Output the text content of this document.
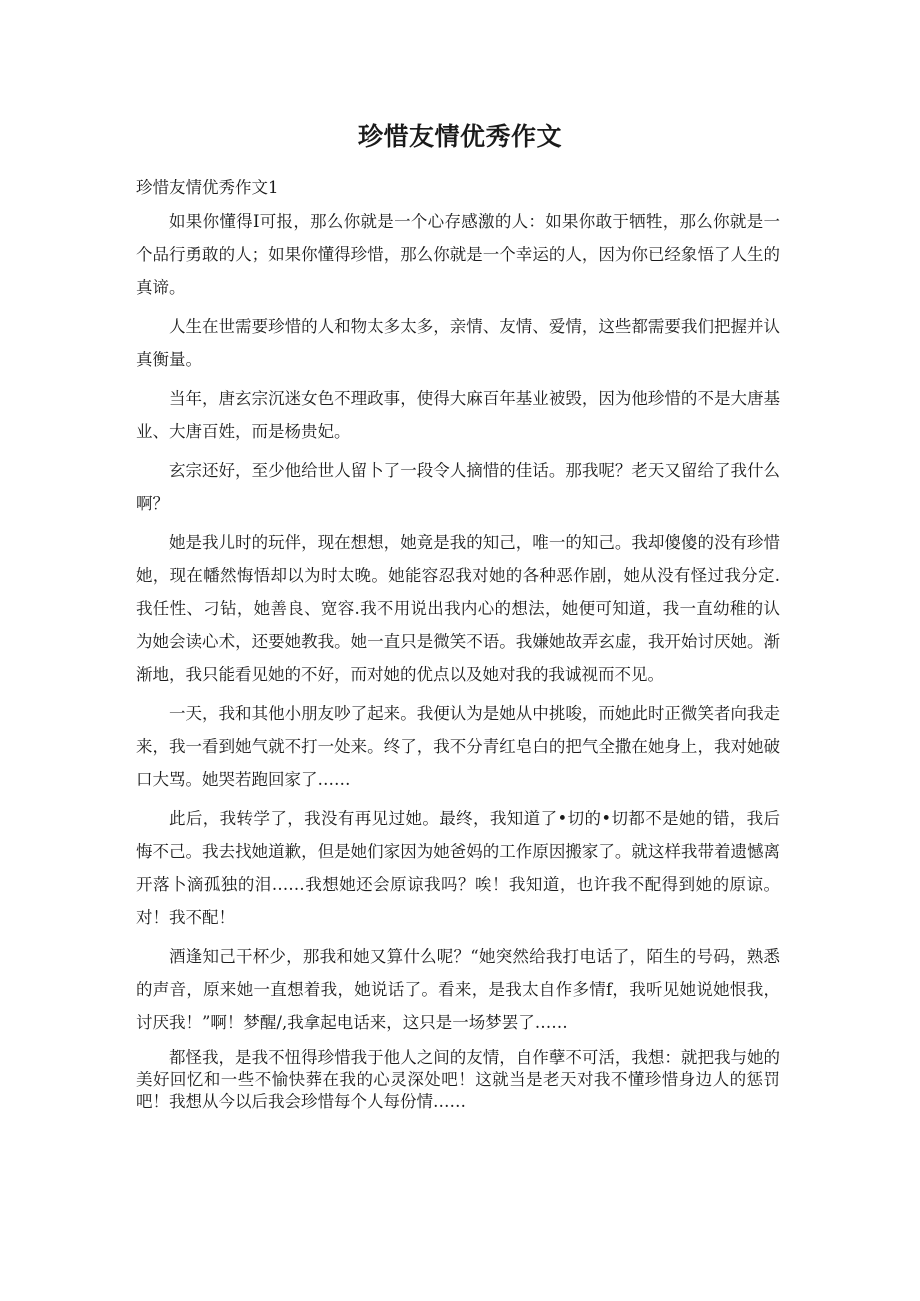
珍惜友情优秀作文

珍惜友情优秀作文1

如果你懂得I可报，那么你就是一个心存感激的人：如果你敢于牺牲，那么你就是一个品行勇敢的人；如果你懂得珍惜，那么你就是一个幸运的人，因为你已经象悟了人生的真谛。

人生在世需要珍惜的人和物太多太多，亲情、友情、爱情，这些都需要我们把握并认真衡量。

当年，唐玄宗沉迷女色不理政事，使得大麻百年基业被毁，因为他珍惜的不是大唐基业、大唐百姓，而是杨贵妃。

玄宗还好，至少他给世人留卜了一段令人摘惜的佳话。那我呢？老天又留给了我什么啊？

她是我儿时的玩伴，现在想想，她竟是我的知己，唯一的知己。我却傻傻的没有珍惜她，现在幡然悔悟却以为时太晚。她能容忍我对她的各种恶作剧，她从没有怪过我分定.我任性、刁钻，她善良、宽容.我不用说出我内心的想法，她便可知道，我一直幼稚的认为她会读心术，还要她教我。她一直只是微笑不语。我嫌她故弄玄虚，我开始讨厌她。渐渐地，我只能看见她的不好，而对她的优点以及她对我的我诚视而不见。

一天，我和其他小朋友吵了起来。我便认为是她从中挑唆，而她此时正微笑者向我走来，我一看到她气就不打一处来。终了，我不分青红皂白的把气全撒在她身上，我对她破口大骂。她哭若跑回家了……

此后，我转学了，我没有再见过她。最终，我知道了•切的•切都不是她的错，我后悔不己。我去找她道歉，但是她们家因为她爸妈的工作原因搬家了。就这样我带着遗憾离开落卜滴孤独的泪……我想她还会原谅我吗？唉！我知道，也许我不配得到她的原谅。对！我不配！

酒逢知己干杯少，那我和她又算什么呢？“她突然给我打电话了，陌生的号码，熟悉的声音，原来她一直想着我，她说话了。看来，是我太自作多情f，我听见她说她恨我，讨厌我！”啊！梦醒/,我拿起电话来，这只是一场梦罢了……

都怪我，是我不忸得珍惜我于他人之间的友情，自作孽不可活，我想：就把我与她的美好回忆和一些不愉快葬在我的心灵深处吧！这就当是老天对我不懂珍惜身边人的惩罚吧！我想从今以后我会珍惜每个人每份情……
